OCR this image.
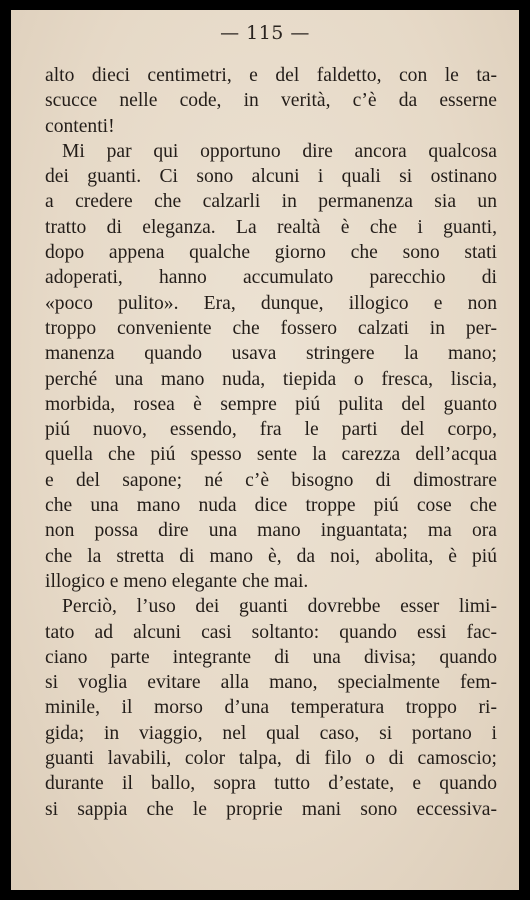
— 115 —
alto dieci centimetri, e del faldetto, con le ta-
scucce nelle code, in verità, c’è da esserne
contenti!
Mi par qui opportuno dire ancora qualcosa
dei guanti. Ci sono alcuni i quali si ostinano
a credere che calzarli in permanenza sia un
tratto di eleganza. La realtà è che i guanti,
dopo appena qualche giorno che sono stati
adoperati, hanno accumulato parecchio di
«poco pulito». Era, dunque, illogico e non
troppo conveniente che fossero calzati in per-
manenza quando usava stringere la mano;
perché una mano nuda, tiepida o fresca, liscia,
morbida, rosea è sempre piú pulita del guanto
piú nuovo, essendo, fra le parti del corpo,
quella che piú spesso sente la carezza dell’acqua
e del sapone; né c’è bisogno di dimostrare
che una mano nuda dice troppe piú cose che
non possa dire una mano inguantata; ma ora
che la stretta di mano è, da noi, abolita, è piú
illogico e meno elegante che mai.
Perciò, l’uso dei guanti dovrebbe esser limi-
tato ad alcuni casi soltanto: quando essi fac-
ciano parte integrante di una divisa; quando
si voglia evitare alla mano, specialmente fem-
minile, il morso d’una temperatura troppo ri-
gida; in viaggio, nel qual caso, si portano i
guanti lavabili, color talpa, di filo o di camoscio;
durante il ballo, sopra tutto d’estate, e quando
si sappia che le proprie mani sono eccessiva-
